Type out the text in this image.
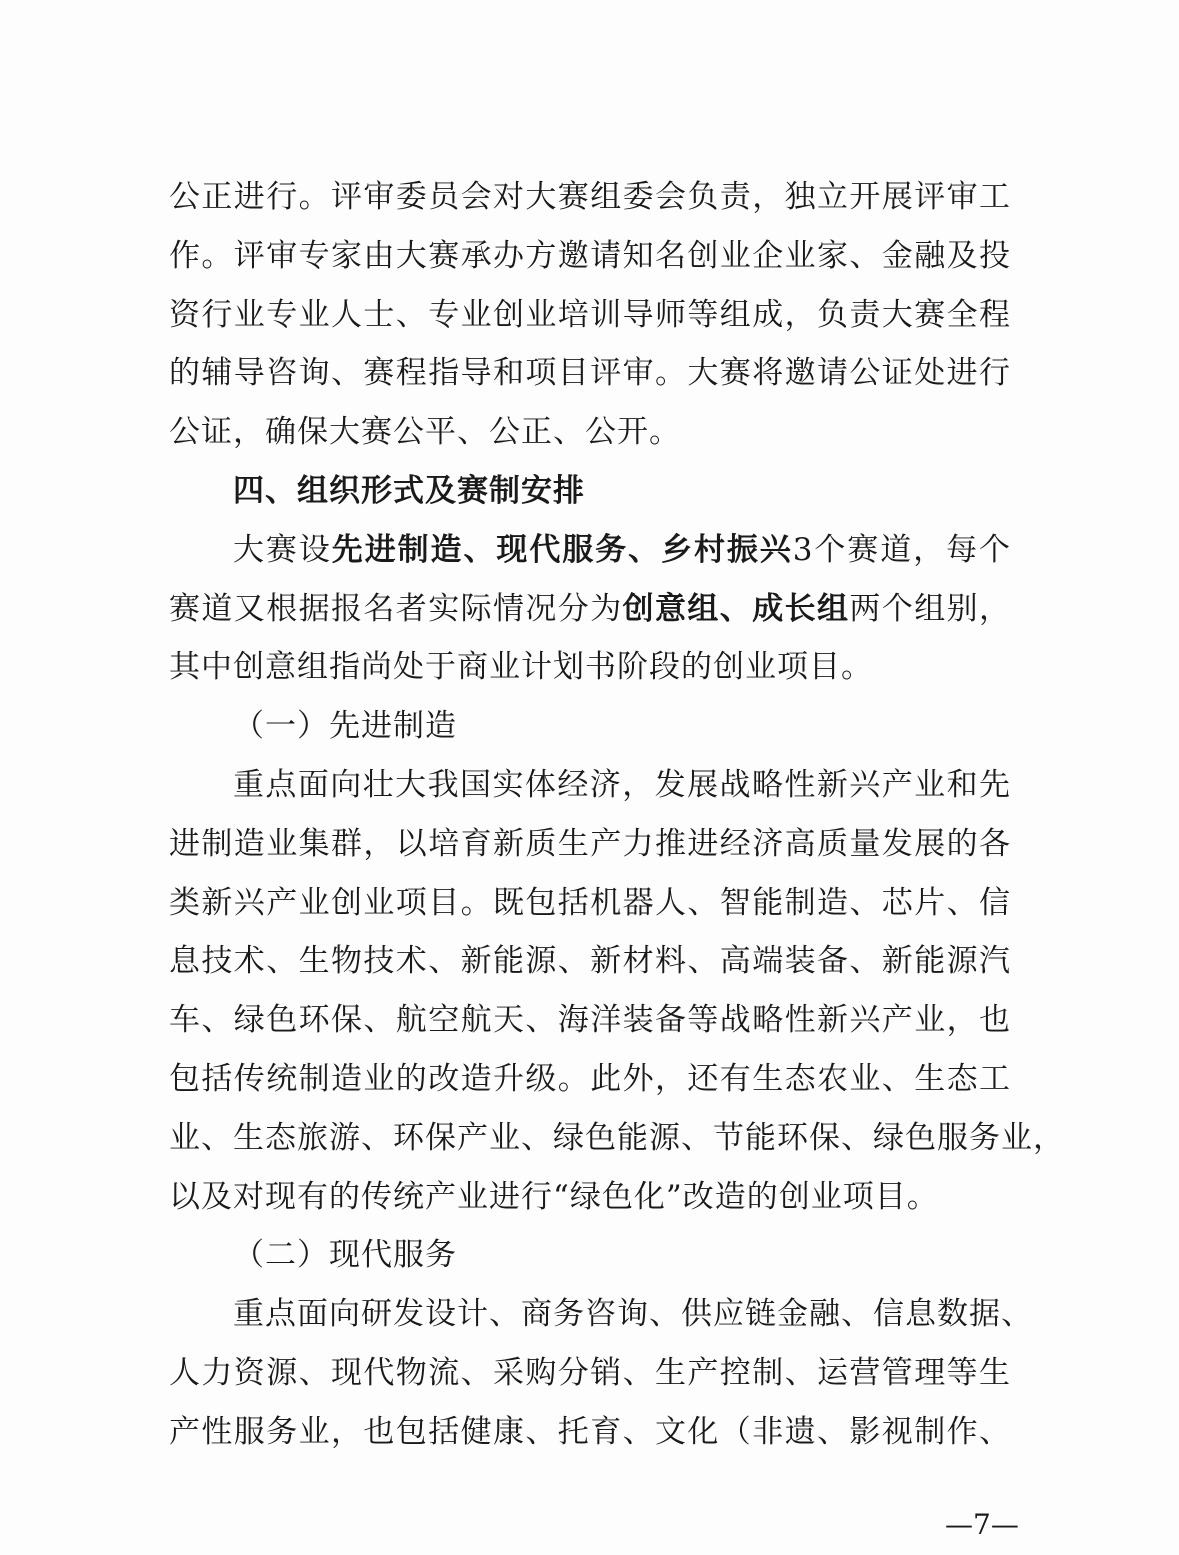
公正进行。评审委员会对大赛组委会负责，独立开展评审工
作。评审专家由大赛承办方邀请知名创业企业家、金融及投
资行业专业人士、专业创业培训导师等组成，负责大赛全程
的辅导咨询、赛程指导和项目评审。大赛将邀请公证处进行
公证，确保大赛公平、公正、公开。
四、组织形式及赛制安排
大赛设先进制造、现代服务、乡村振兴3个赛道，每个
赛道又根据报名者实际情况分为创意组、成长组两个组别，
其中创意组指尚处于商业计划书阶段的创业项目。
（一）先进制造
重点面向壮大我国实体经济，发展战略性新兴产业和先
进制造业集群，以培育新质生产力推进经济高质量发展的各
类新兴产业创业项目。既包括机器人、智能制造、芯片、信
息技术、生物技术、新能源、新材料、高端装备、新能源汽
车、绿色环保、航空航天、海洋装备等战略性新兴产业，也
包括传统制造业的改造升级。此外，还有生态农业、生态工
业、生态旅游、环保产业、绿色能源、节能环保、绿色服务业，
以及对现有的传统产业进行“绿色化”改造的创业项目。
（二）现代服务
重点面向研发设计、商务咨询、供应链金融、信息数据、
人力资源、现代物流、采购分销、生产控制、运营管理等生
产性服务业，也包括健康、托育、文化（非遗、影视制作、
—7—
